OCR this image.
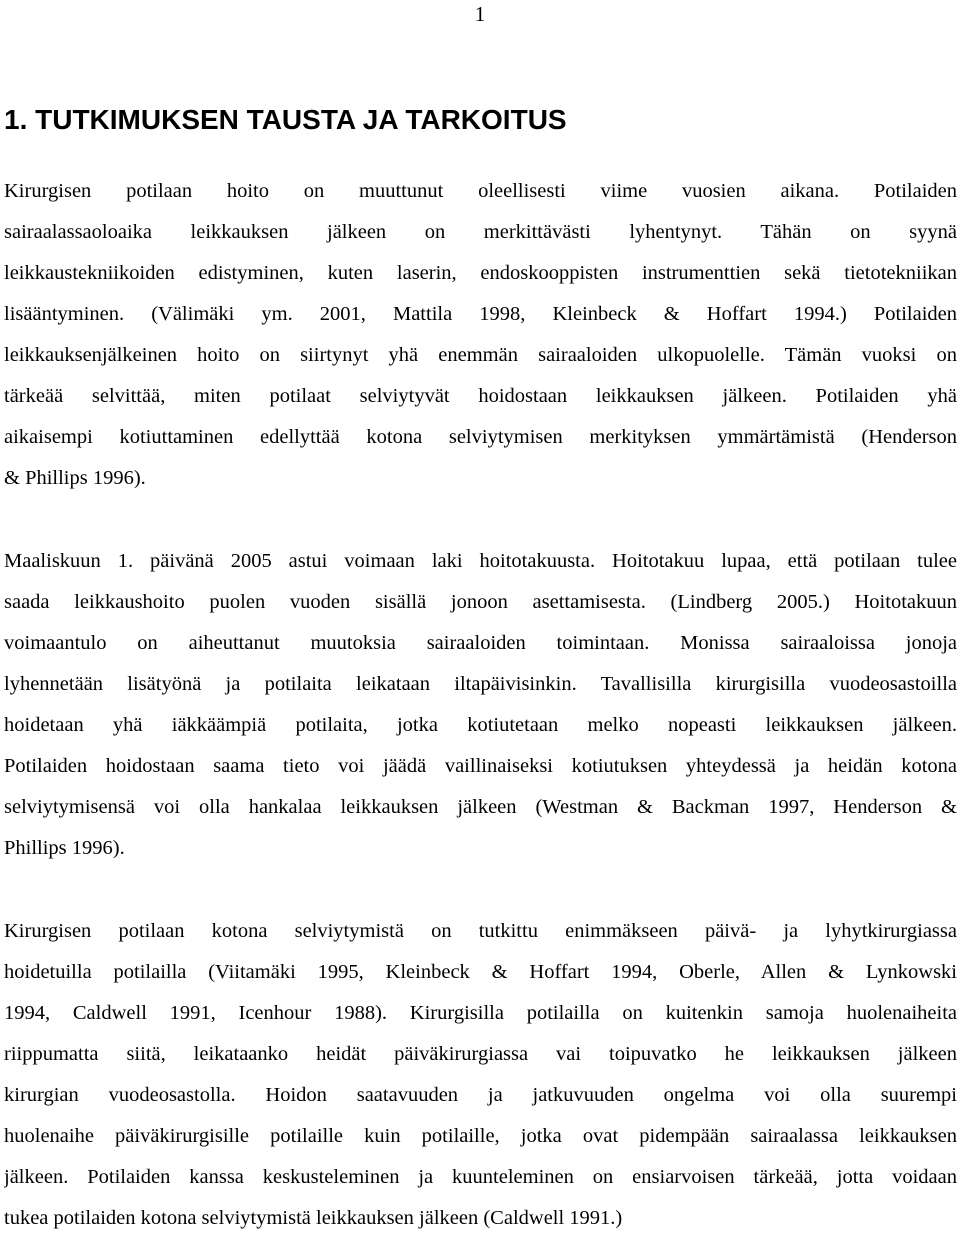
1
1. TUTKIMUKSEN TAUSTA JA TARKOITUS
Kirurgisen potilaan hoito on muuttunut oleellisesti viime vuosien aikana. Potilaiden
sairaalassaoloaika leikkauksen jälkeen on merkittävästi lyhentynyt. Tähän on syynä
leikkaustekniikoiden edistyminen, kuten laserin, endoskooppisten instrumenttien sekä tietotekniikan
lisääntyminen. (Välimäki ym. 2001, Mattila 1998, Kleinbeck & Hoffart 1994.) Potilaiden
leikkauksenjälkeinen hoito on siirtynyt yhä enemmän sairaaloiden ulkopuolelle. Tämän vuoksi on
tärkeää selvittää, miten potilaat selviytyvät hoidostaan leikkauksen jälkeen. Potilaiden yhä
aikaisempi kotiuttaminen edellyttää kotona selviytymisen merkityksen ymmärtämistä (Henderson
& Phillips 1996).
Maaliskuun 1. päivänä 2005 astui voimaan laki hoitotakuusta. Hoitotakuu lupaa, että potilaan tulee
saada leikkaushoito puolen vuoden sisällä jonoon asettamisesta. (Lindberg 2005.) Hoitotakuun
voimaantulo on aiheuttanut muutoksia sairaaloiden toimintaan. Monissa sairaaloissa jonoja
lyhennetään lisätyönä ja potilaita leikataan iltapäivisinkin. Tavallisilla kirurgisilla vuodeosastoilla
hoidetaan yhä iäkkäämpiä potilaita, jotka kotiutetaan melko nopeasti leikkauksen jälkeen.
Potilaiden hoidostaan saama tieto voi jäädä vaillinaiseksi kotiutuksen yhteydessä ja heidän kotona
selviytymisensä voi olla hankalaa leikkauksen jälkeen (Westman & Backman 1997, Henderson &
Phillips 1996).
Kirurgisen potilaan kotona selviytymistä on tutkittu enimmäkseen päivä- ja lyhytkirurgiassa
hoidetuilla potilailla (Viitamäki 1995, Kleinbeck & Hoffart 1994, Oberle, Allen & Lynkowski
1994, Caldwell 1991, Icenhour 1988). Kirurgisilla potilailla on kuitenkin samoja huolenaiheita
riippumatta siitä, leikataanko heidät päiväkirurgiassa vai toipuvatko he leikkauksen jälkeen
kirurgian vuodeosastolla. Hoidon saatavuuden ja jatkuvuuden ongelma voi olla suurempi
huolenaihe päiväkirurgisille potilaille kuin potilaille, jotka ovat pidempään sairaalassa leikkauksen
jälkeen. Potilaiden kanssa keskusteleminen ja kuunteleminen on ensiarvoisen tärkeää, jotta voidaan
tukea potilaiden kotona selviytymistä leikkauksen jälkeen (Caldwell 1991.)
